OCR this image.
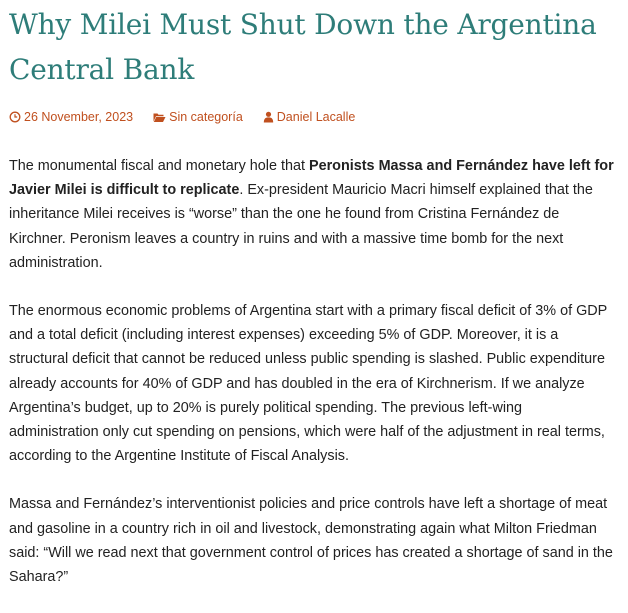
Why Milei Must Shut Down the Argentina Central Bank
26 November, 2023	Sin categoría	Daniel Lacalle

The monumental fiscal and monetary hole that Peronists Massa and Fernández have left for Javier Milei is difficult to replicate. Ex-president Mauricio Macri himself explained that the inheritance Milei receives is “worse” than the one he found from Cristina Fernández de Kirchner. Peronism leaves a country in ruins and with a massive time bomb for the next administration.

The enormous economic problems of Argentina start with a primary fiscal deficit of 3% of GDP and a total deficit (including interest expenses) exceeding 5% of GDP. Moreover, it is a structural deficit that cannot be reduced unless public spending is slashed. Public expenditure already accounts for 40% of GDP and has doubled in the era of Kirchnerism. If we analyze Argentina’s budget, up to 20% is purely political spending. The previous left-wing administration only cut spending on pensions, which were half of the adjustment in real terms, according to the Argentine Institute of Fiscal Analysis.

Massa and Fernández’s interventionist policies and price controls have left a shortage of meat and gasoline in a country rich in oil and livestock, demonstrating again what Milton Friedman said: “Will we read next that government control of prices has created a shortage of sand in the Sahara?”
